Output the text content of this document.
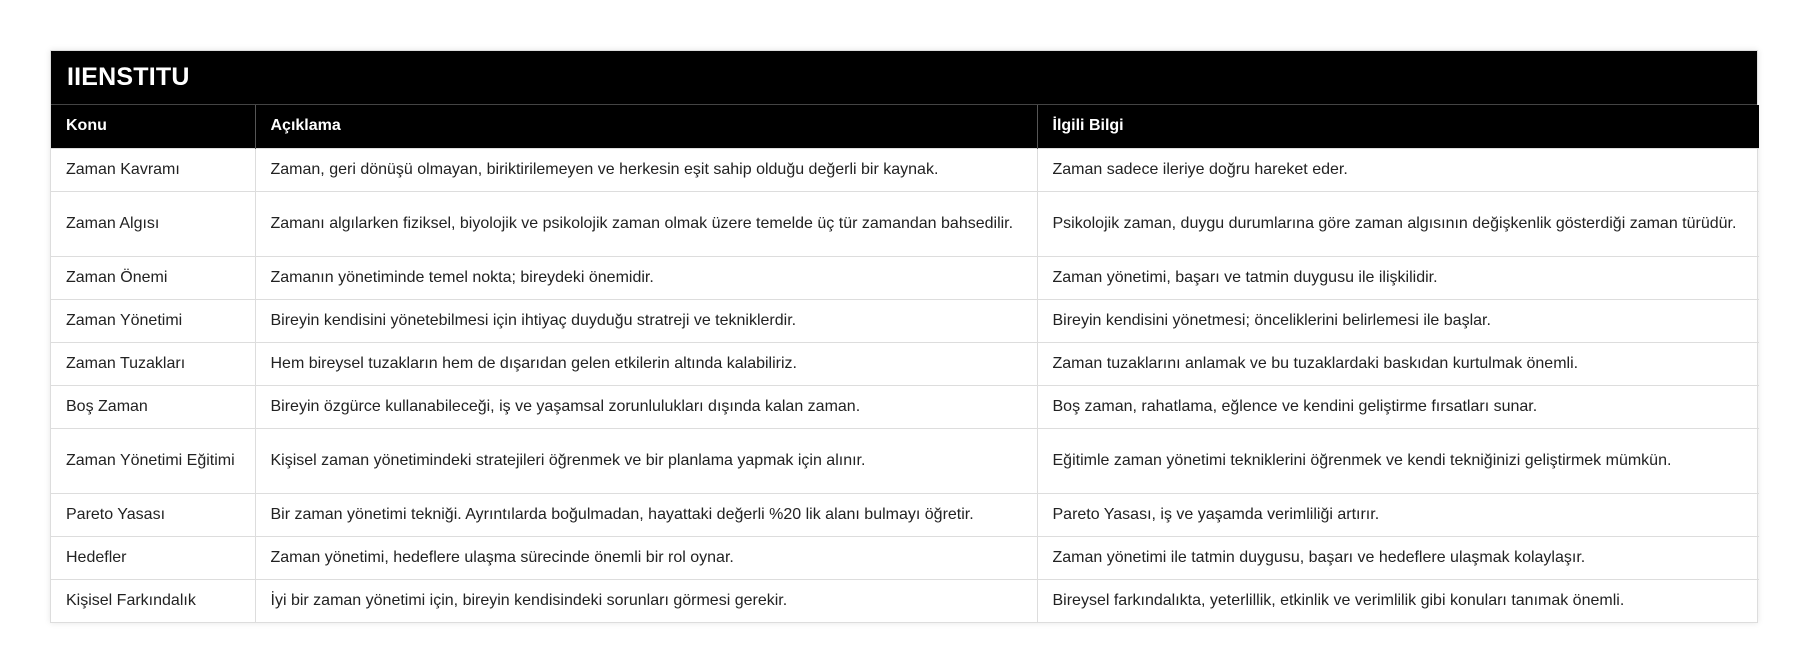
IIENSTITU
Konu	Açıklama	İlgili Bilgi
Zaman Kavramı	Zaman, geri dönüşü olmayan, biriktirilemeyen ve herkesin eşit sahip olduğu değerli bir kaynak.	Zaman sadece ileriye doğru hareket eder.
Zaman Algısı	Zamanı algılarken fiziksel, biyolojik ve psikolojik zaman olmak üzere temelde üç tür zamandan bahsedilir.	Psikolojik zaman, duygu durumlarına göre zaman algısının değişkenlik gösterdiği zaman türüdür.
Zaman Önemi	Zamanın yönetiminde temel nokta; bireydeki önemidir.	Zaman yönetimi, başarı ve tatmin duygusu ile ilişkilidir.
Zaman Yönetimi	Bireyin kendisini yönetebilmesi için ihtiyaç duyduğu stratreji ve tekniklerdir.	Bireyin kendisini yönetmesi; önceliklerini belirlemesi ile başlar.
Zaman Tuzakları	Hem bireysel tuzakların hem de dışarıdan gelen etkilerin altında kalabiliriz.	Zaman tuzaklarını anlamak ve bu tuzaklardaki baskıdan kurtulmak önemli.
Boş Zaman	Bireyin özgürce kullanabileceği, iş ve yaşamsal zorunlulukları dışında kalan zaman.	Boş zaman, rahatlama, eğlence ve kendini geliştirme fırsatları sunar.
Zaman Yönetimi Eğitimi	Kişisel zaman yönetimindeki stratejileri öğrenmek ve bir planlama yapmak için alınır.	Eğitimle zaman yönetimi tekniklerini öğrenmek ve kendi tekniğinizi geliştirmek mümkün.
Pareto Yasası	Bir zaman yönetimi tekniği. Ayrıntılarda boğulmadan, hayattaki değerli %20 lik alanı bulmayı öğretir.	Pareto Yasası, iş ve yaşamda verimliliği artırır.
Hedefler	Zaman yönetimi, hedeflere ulaşma sürecinde önemli bir rol oynar.	Zaman yönetimi ile tatmin duygusu, başarı ve hedeflere ulaşmak kolaylaşır.
Kişisel Farkındalık	İyi bir zaman yönetimi için, bireyin kendisindeki sorunları görmesi gerekir.	Bireysel farkındalıkta, yeterlillik, etkinlik ve verimlilik gibi konuları tanımak önemli.
